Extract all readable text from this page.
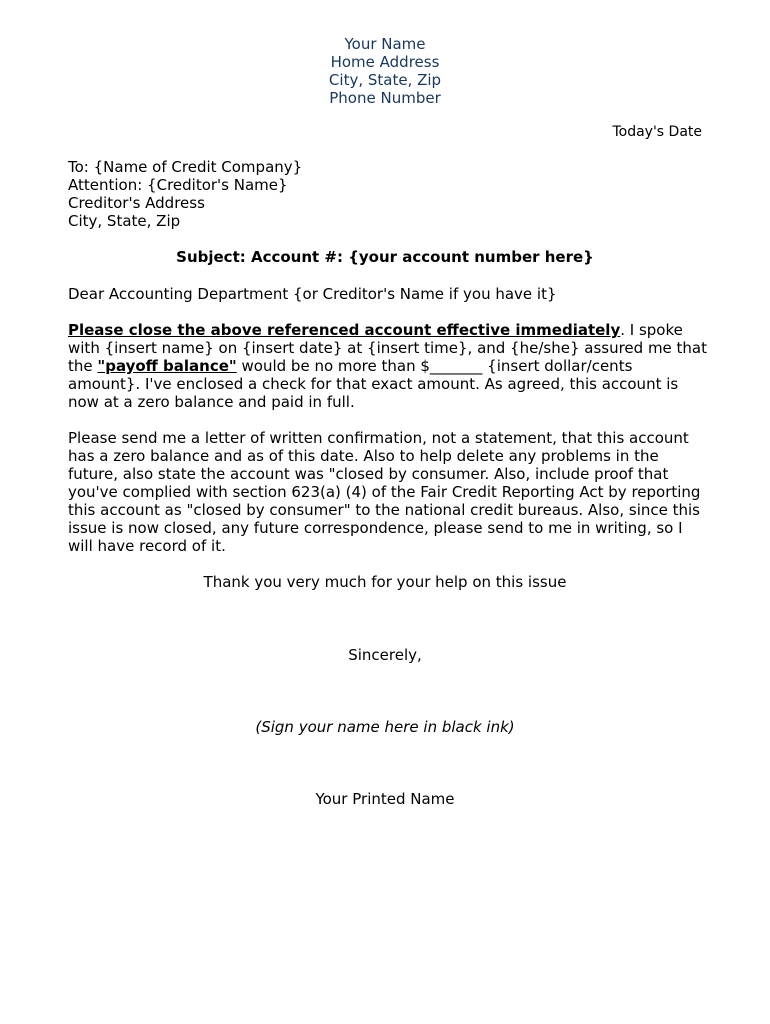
Your Name
Home Address
City, State, Zip
Phone Number
Today's Date
To: {Name of Credit Company}
Attention: {Creditor's Name}
Creditor's Address
City, State, Zip
Subject: Account #: {your account number here}
Dear Accounting Department {or Creditor's Name if you have it}

Please close the above referenced account effective immediately. I spoke with {insert name} on {insert date} at {insert time}, and {he/she} assured me that the "payoff balance" would be no more than $_______ {insert dollar/cents amount}. I've enclosed a check for that exact amount. As agreed, this account is now at a zero balance and paid in full.

Please send me a letter of written confirmation, not a statement, that this account has a zero balance and as of this date. Also to help delete any problems in the future, also state the account was "closed by consumer. Also, include proof that you've complied with section 623(a) (4) of the Fair Credit Reporting Act by reporting this account as "closed by consumer" to the national credit bureaus. Also, since this issue is now closed, any future correspondence, please send to me in writing, so I will have record of it.

Thank you very much for your help on this issue
Sincerely,
(Sign your name here in black ink)
Your Printed Name
